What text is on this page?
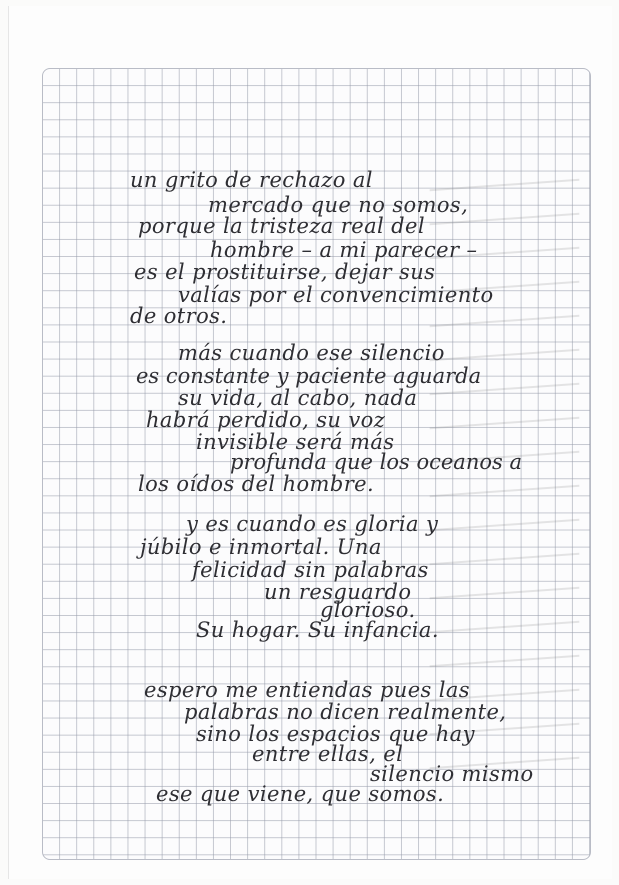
un grito de rechazo al

mercado que no somos,

porque la tristeza real del

hombre – a mi parecer –

es el prostituirse, dejar sus

valías por el convencimiento

de otros.

más cuando ese silencio

es constante y paciente aguarda

su vida, al cabo, nada

habrá perdido, su voz

invisible será más

profunda que los oceanos a

los oídos del hombre.

y es cuando es gloria y

júbilo e inmortal. Una

felicidad sin palabras

un resguardo

glorioso.

Su hogar. Su infancia.

espero me entiendas pues las

palabras no dicen realmente,

sino los espacios que hay

entre ellas, el

silencio mismo

ese que viene, que somos.
